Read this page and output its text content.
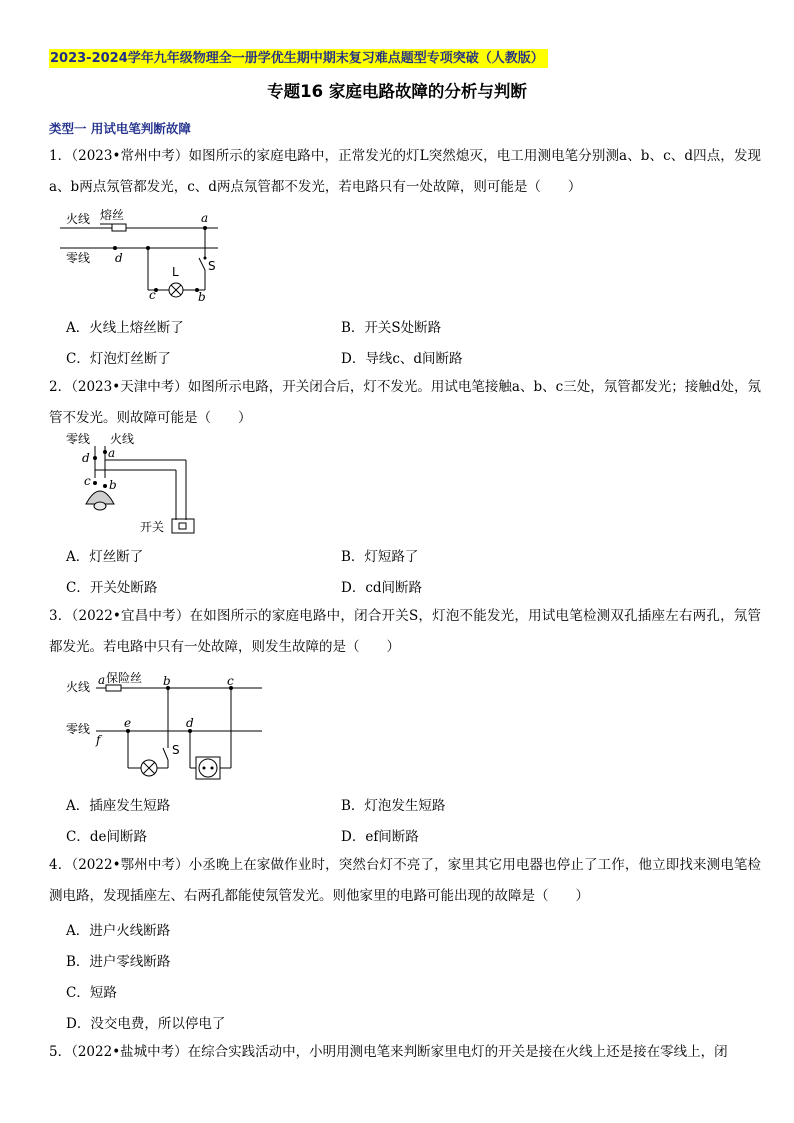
2023-2024学年九年级物理全一册学优生期中期末复习难点题型专项突破（人教版）
专题16 家庭电路故障的分析与判断
类型一 用试电笔判断故障
1．（2023•常州中考）如图所示的家庭电路中，正常发光的灯L突然熄灭，电工用测电笔分别测a、b、c、d四点，发现a、b两点氖管都发光，c、d两点氖管都不发光，若电路只有一处故障，则可能是（　　）
火线 熔丝
零线
a
d
L S
c	b
A．火线上熔丝断了	B．开关S处断路
C．灯泡灯丝断了	D．导线c、d间断路
2．（2023•天津中考）如图所示电路，开关闭合后，灯不发光。用试电笔接触a、b、c三处，氖管都发光；接触d处，氖管不发光。则故障可能是（　　）
零线 火线
a
d
c b
开关
A．灯丝断了	B．灯短路了
C．开关处断路	D．cd间断路
3．（2022•宜昌中考）在如图所示的家庭电路中，闭合开关S，灯泡不能发光，用试电笔检测双孔插座左右两孔，氖管都发光。若电路中只有一处故障，则发生故障的是（　　）
火线 a 保险丝 b	c
零线	e	d
f
S
A．插座发生短路	B．灯泡发生短路
C．de间断路	D．ef间断路
4．（2022•鄂州中考）小丞晚上在家做作业时，突然台灯不亮了，家里其它用电器也停止了工作，他立即找来测电笔检测电路，发现插座左、右两孔都能使氖管发光。则他家里的电路可能出现的故障是（　　）
A．进户火线断路
B．进户零线断路
C．短路
D．没交电费，所以停电了
5．（2022•盐城中考）在综合实践活动中，小明用测电笔来判断家里电灯的开关是接在火线上还是接在零线上，闭
